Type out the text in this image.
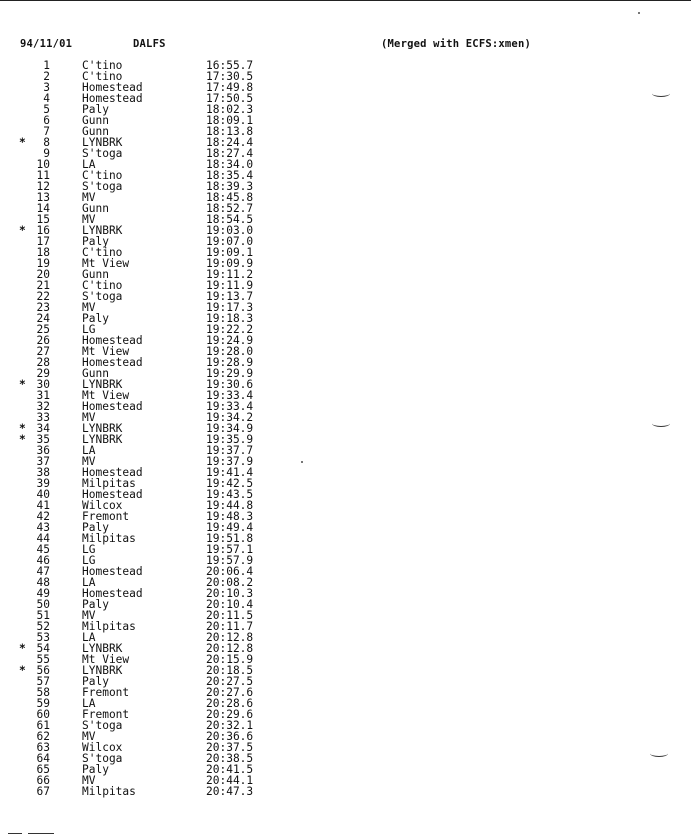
94/11/01	DALFS	(Merged with ECFS:xmen)
1	C'tino	16:55.7
2	C'tino	17:30.5
3	Homestead	17:49.8
4	Homestead	17:50.5
5	Paly	18:02.3
6	Gunn	18:09.1
7	Gunn	18:13.8
*	8	LYNBRK	18:24.4
9	S'toga	18:27.4
10	LA	18:34.0
11	C'tino	18:35.4
12	S'toga	18:39.3
13	MV	18:45.8
14	Gunn	18:52.7
15	MV	18:54.5
* 16	LYNBRK	19:03.0
17	Paly	19:07.0
18	C'tino	19:09.1
19	Mt View	19:09.9
20	Gunn	19:11.2
21	C'tino	19:11.9
22	S'toga	19:13.7
23	MV	19:17.3
24	Paly	19:18.3
25	LG	19:22.2
26	Homestead	19:24.9
27	Mt View	19:28.0
28	Homestead	19:28.9
29	Gunn	19:29.9
* 30	LYNBRK	19:30.6
31	Mt View	19:33.4
32	Homestead	19:33.4
33	MV	19:34.2
* 34	LYNBRK	19:34.9
* 35	LYNBRK	19:35.9
36	LA	19:37.7
37	MV	19:37.9
38	Homestead	19:41.4
39	Milpitas	19:42.5
40	Homestead	19:43.5
41	Wilcox	19:44.8
42	Fremont	19:48.3
43	Paly	19:49.4
44	Milpitas	19:51.8
45	LG	19:57.1
46	LG	19:57.9
47	Homestead	20:06.4
48	LA	20:08.2
49	Homestead	20:10.3
50	Paly	20:10.4
51	MV	20:11.5
52	Milpitas	20:11.7
53	LA	20:12.8
* 54	LYNBRK	20:12.8
55	Mt View	20:15.9
* 56	LYNBRK	20:18.5
57	Paly	20:27.5
58	Fremont	20:27.6
59	LA	20:28.6
60	Fremont	20:29.6
61	S'toga	20:32.1
62	MV	20:36.6
63	Wilcox	20:37.5
64	S'toga	20:38.5
65	Paly	20:41.5
66	MV	20:44.1
67	Milpitas	20:47.3
